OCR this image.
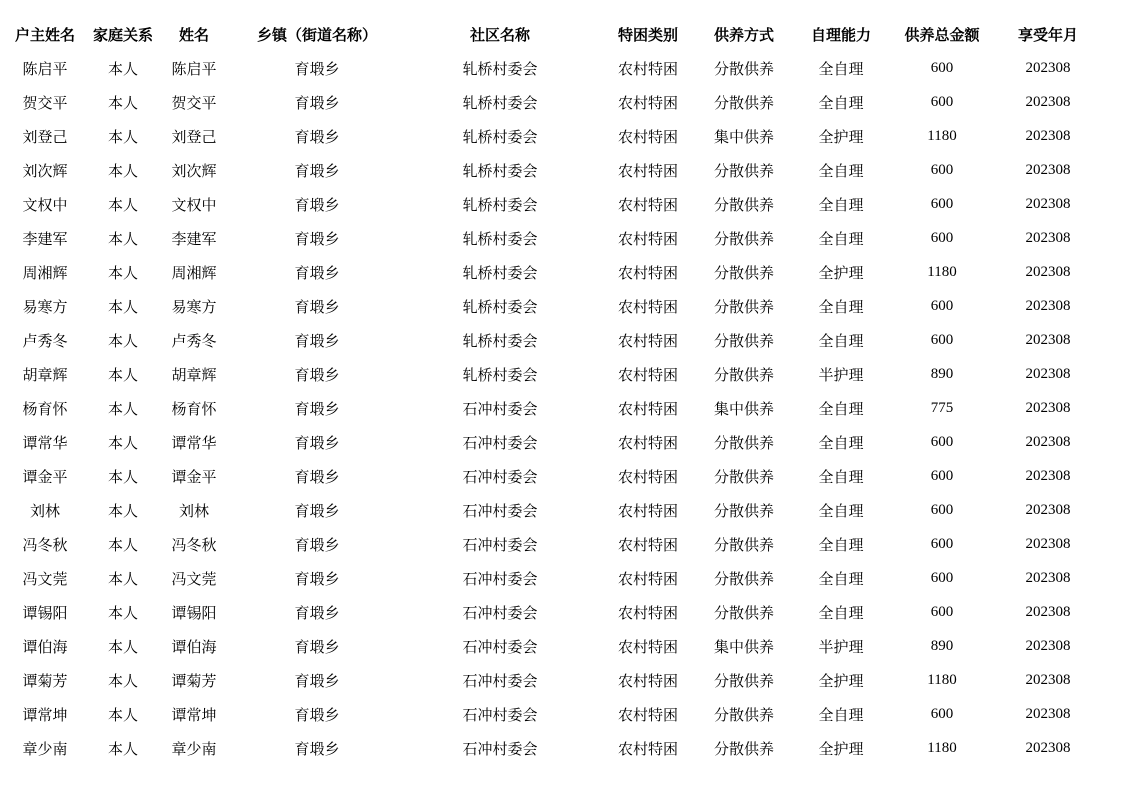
户主姓名	家庭关系	姓名	乡镇（街道名称）	社区名称	特困类别	供养方式	自理能力	供养总金额	享受年月	
陈启平	本人	陈启平	育塅乡	轧桥村委会	农村特困	分散供养	全自理	600	202308	
贺交平	本人	贺交平	育塅乡	轧桥村委会	农村特困	分散供养	全自理	600	202308	
刘登己	本人	刘登己	育塅乡	轧桥村委会	农村特困	集中供养	全护理	1180	202308	
刘次辉	本人	刘次辉	育塅乡	轧桥村委会	农村特困	分散供养	全自理	600	202308	
文权中	本人	文权中	育塅乡	轧桥村委会	农村特困	分散供养	全自理	600	202308	
李建军	本人	李建军	育塅乡	轧桥村委会	农村特困	分散供养	全自理	600	202308	
周湘辉	本人	周湘辉	育塅乡	轧桥村委会	农村特困	分散供养	全护理	1180	202308	
易寒方	本人	易寒方	育塅乡	轧桥村委会	农村特困	分散供养	全自理	600	202308	
卢秀冬	本人	卢秀冬	育塅乡	轧桥村委会	农村特困	分散供养	全自理	600	202308	
胡章辉	本人	胡章辉	育塅乡	轧桥村委会	农村特困	分散供养	半护理	890	202308	
杨育怀	本人	杨育怀	育塅乡	石冲村委会	农村特困	集中供养	全自理	775	202308	
谭常华	本人	谭常华	育塅乡	石冲村委会	农村特困	分散供养	全自理	600	202308	
谭金平	本人	谭金平	育塅乡	石冲村委会	农村特困	分散供养	全自理	600	202308	
刘林	本人	刘林	育塅乡	石冲村委会	农村特困	分散供养	全自理	600	202308	
冯冬秋	本人	冯冬秋	育塅乡	石冲村委会	农村特困	分散供养	全自理	600	202308	
冯文莞	本人	冯文莞	育塅乡	石冲村委会	农村特困	分散供养	全自理	600	202308	
谭锡阳	本人	谭锡阳	育塅乡	石冲村委会	农村特困	分散供养	全自理	600	202308	
谭伯海	本人	谭伯海	育塅乡	石冲村委会	农村特困	集中供养	半护理	890	202308	
谭菊芳	本人	谭菊芳	育塅乡	石冲村委会	农村特困	分散供养	全护理	1180	202308	
谭常坤	本人	谭常坤	育塅乡	石冲村委会	农村特困	分散供养	全自理	600	202308	
章少南	本人	章少南	育塅乡	石冲村委会	农村特困	分散供养	全护理	1180	202308	
